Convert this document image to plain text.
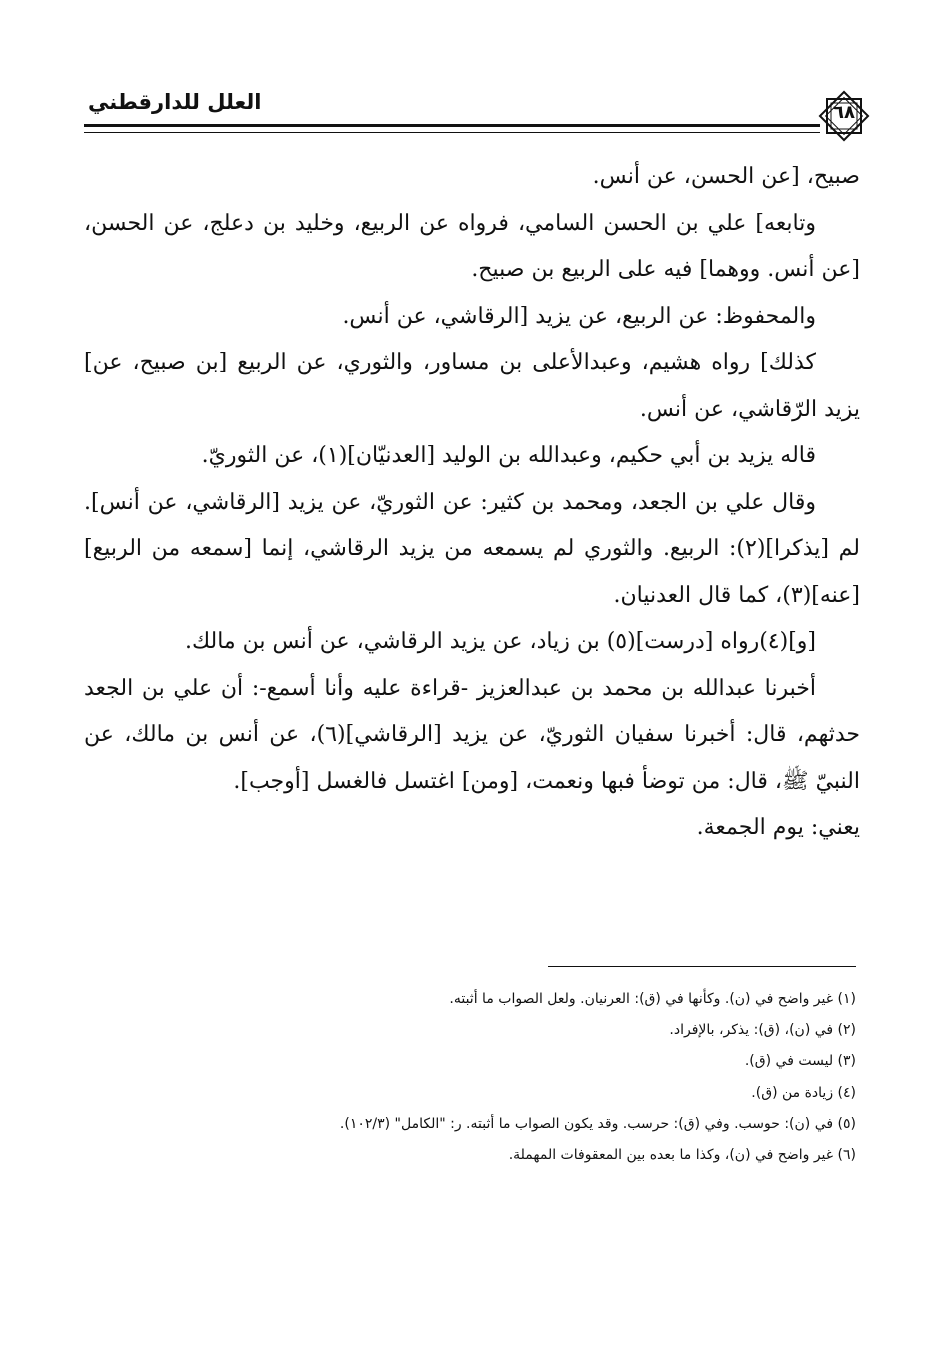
العلل للدارقطني	٦٨

صبيح، [عن الحسن، عن أنس.

وتابعه] علي بن الحسن السامي، فرواه عن الربيع، وخليد بن دعلج، عن الحسن، [عن أنس. ووهما] فيه على الربيع بن صبيح.

والمحفوظ: عن الربيع، عن يزيد [الرقاشي، عن أنس.

كذلك] رواه هشيم، وعبدالأعلى بن مساور، والثوري، عن الربيع [بن صبيح، عن] يزيد الرّقاشي، عن أنس.

قاله يزيد بن أبي حكيم، وعبدالله بن الوليد [العدنيّان](١)، عن الثوريّ.

وقال علي بن الجعد، ومحمد بن كثير: عن الثوريّ، عن يزيد [الرقاشي، عن أنس]. لم [يذكرا](٢): الربيع. والثوري لم يسمعه من يزيد الرقاشي، إنما [سمعه من الربيع] [عنه](٣)، كما قال العدنيان.

[و](٤)رواه [درست](٥) بن زياد، عن يزيد الرقاشي، عن أنس بن مالك.

أخبرنا عبدالله بن محمد بن عبدالعزيز -قراءة عليه وأنا أسمع-: أن علي بن الجعد حدثهم، قال: أخبرنا سفيان الثوريّ، عن يزيد [الرقاشي](٦)، عن أنس بن مالك، عن النبيّ ﷺ، قال: من توضأ فبها ونعمت، [ومن] اغتسل فالغسل [أوجب].

يعني: يوم الجمعة.

(١) غير واضح في (ن). وكأنها في (ق): العرنيان. ولعل الصواب ما أثبته.
(٢) في (ن)، (ق): يذكر، بالإفراد.
(٣) ليست في (ق).
(٤) زيادة من (ق).
(٥) في (ن): حوسب. وفي (ق): حرسب. وقد يكون الصواب ما أثبته. ر: "الكامل" (١٠٢/٣).
(٦) غير واضح في (ن)، وكذا ما بعده بين المعقوفات المهملة.
